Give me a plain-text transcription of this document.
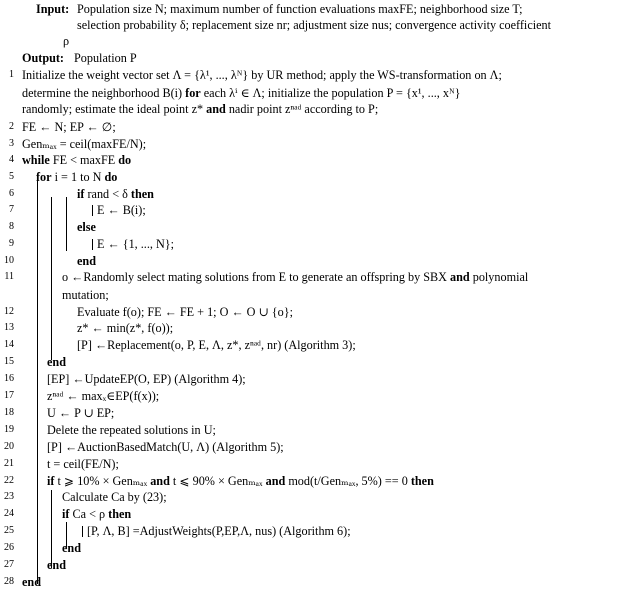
Input: Population size N; maximum number of function evaluations maxFE; neighborhood size T;
selection probability δ; replacement size nr; adjustment size nus; convergence activity coefficient
ρ
Output: Population P
1 Initialize the weight vector set Λ = {λ¹, ..., λᴺ} by UR method; apply the WS-transformation on Λ;
determine the neighborhood B(i) for each λⁱ ∈ Λ; initialize the population P = {x¹, ..., xᴺ}
randomly; estimate the ideal point z* and nadir point zⁿᵃᵈ according to P;
2 FE ← N; EP ← ∅;
3 Genₘₐₓ = ceil(maxFE/N);
4 while FE < maxFE do
5 for i = 1 to N do
6	if rand < δ then
7	E ← B(i);
8	else
9	E ← {1, ..., N};
10	end
11	o ←Randomly select mating solutions from E to generate an offspring by SBX and polynomial
mutation;
12	Evaluate f(o); FE ← FE + 1; O ← O ∪ {o};
13	z* ← min(z*, f(o));
14	[P] ←Replacement(o, P, E, Λ, z*, zⁿᵃᵈ, nr) (Algorithm 3);
15	end
16	[EP] ←UpdateEP(O, EP) (Algorithm 4);
17	zⁿᵃᵈ ← maxₓ∈EP(f(x));
18	U ← P ∪ EP;
19	Delete the repeated solutions in U;
20	[P] ←AuctionBasedMatch(U, Λ) (Algorithm 5);
21	t = ceil(FE/N);
22	if t ⩾ 10% × Genₘₐₓ and t ⩽ 90% × Genₘₐₓ and mod(t/Genₘₐₓ, 5%) == 0 then
23	Calculate Ca by (23);
24	if Ca < ρ then
25	[P, Λ, B] =AdjustWeights(P,EP,Λ, nus) (Algorithm 6);
26	end
27	end
28 end
